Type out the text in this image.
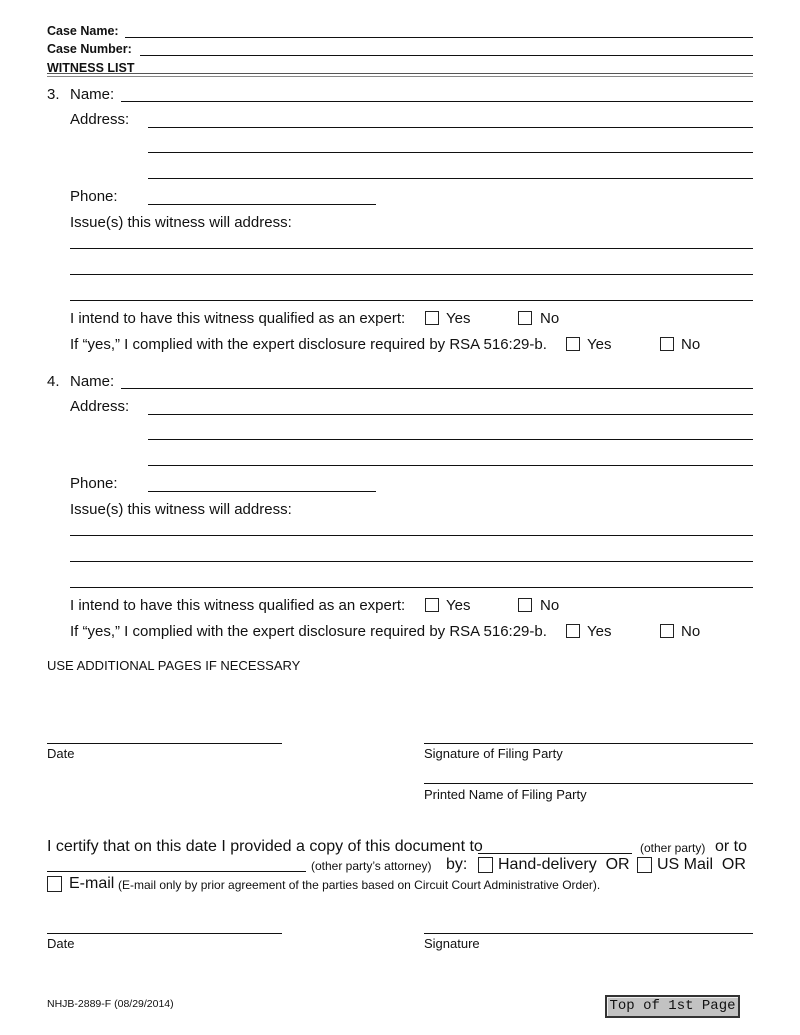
Case Name:
Case Number:
WITNESS LIST
3. Name:
Address:
Phone:
Issue(s) this witness will address:
I intend to have this witness qualified as an expert:	Yes	No
If “yes,” I complied with the expert disclosure required by RSA 516:29-b.	Yes	No
4. Name:
Address:
Phone:
Issue(s) this witness will address:
I intend to have this witness qualified as an expert:	Yes	No
If “yes,” I complied with the expert disclosure required by RSA 516:29-b.	Yes	No
USE ADDITIONAL PAGES IF NECESSARY
Date	Signature of Filing Party
Printed Name of Filing Party
I certify that on this date I provided a copy of this document to	(other party) or to
(other party’s attorney) by: Hand-delivery  OR US Mail  OR
E-mail (E-mail only by prior agreement of the parties based on Circuit Court Administrative Order).
Date	Signature
NHJB-2889-F (08/29/2014)	Top of 1st Page
